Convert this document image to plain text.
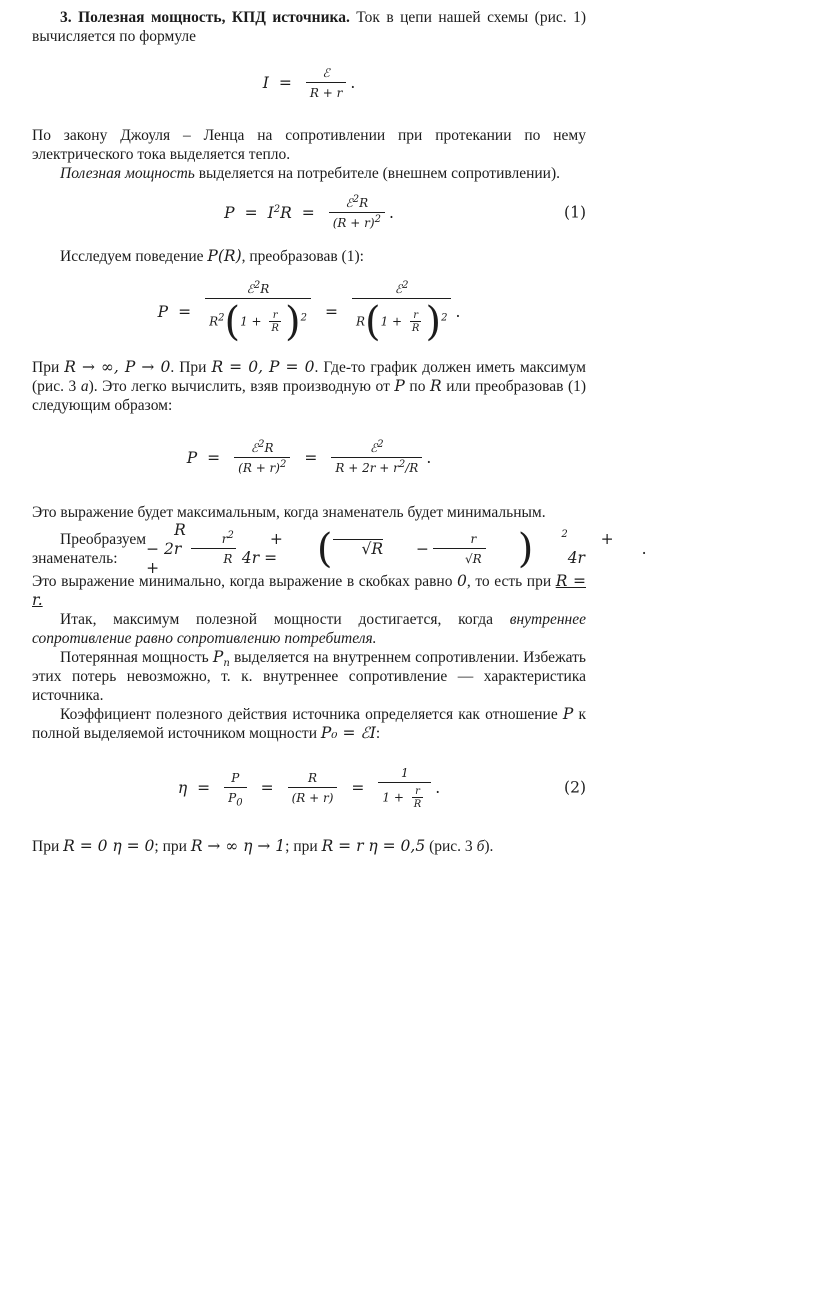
3. Полезная мощность, КПД источника. Ток в цепи нашей схемы (рис. 1) вычисляется по формуле

$I = \frac{\text{ℰ}}{R + r}$ .

По закону Джоуля – Ленца на сопротивлении при протекании по нему электрического тока выделяется тепло.

Полезная мощность выделяется на потребителе (внешнем сопротивлении).

$P = I^2R = \frac{ℰ^2R}{(R + r)^2}$ .	(1)

Исследуем поведение P(R), преобразовав (1):

$P = \frac{ℰ^2R}{R^2(1 + \frac{r}{R} )^2} = \frac{ℰ^2}{R(1 + \frac{r}{R} )^2}$ .

При R → ∞, P → 0. При R = 0, P = 0. Где-то график должен иметь максимум (рис. 3 а). Это легко вычислить, взяв производную от P по R или преобразовав (1) следующим образом:

$P = \frac{ℰ^2R}{(R + r)^2} = \frac{ℰ^2}{R + 2r + r^2/R}$ .

Это выражение будет максимальным, когда знаменатель будет минимальным.

Преобразуем знаменатель:
R − 2r +
$\frac{r^2}{R} + 4r$ = (	$√R - \frac{r}{√R}$ )	$^2$ + 4r
.

Это выражение минимально, когда выражение в скобках равно 0, то есть при R = r.

Итак, максимум полезной мощности достигается, когда внутреннее сопротивление равно сопротивлению потребителя.

Потерянная мощность $P_п$ выделяется на внутреннем сопротивлении. Избежать этих потерь невозможно, т. к. внутреннее сопротивление — характеристика источника.

Коэффициент полезного действия источника определяется как отношение P к полной выделяемой источником мощности P₀ = ℰI:

$\eta = \frac{P}{P_0} = \frac{R}{(R + r)} = \frac{1}{1 + \frac{r}{R}}$ .	(2)

При R = 0 η = 0; при R → ∞ η → 1; при R = r η = 0,5 (рис. 3 б).
